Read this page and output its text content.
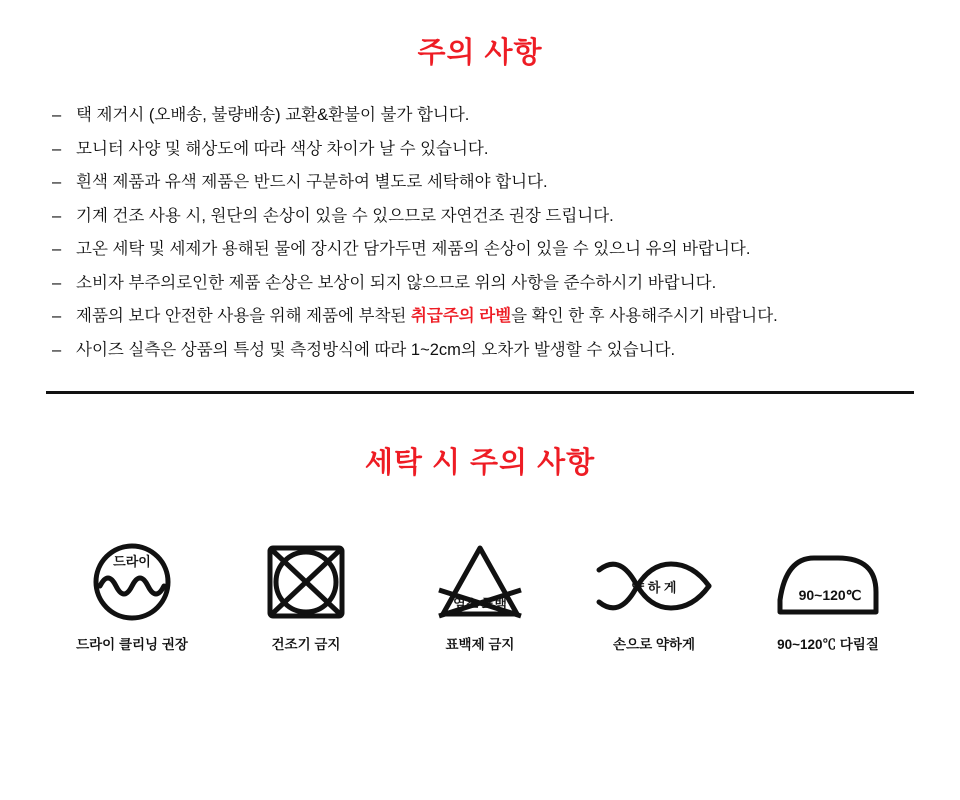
주의 사항
– 택 제거시 (오배송, 불량배송) 교환&환불이 불가 합니다.
– 모니터 사양 및 해상도에 따라 색상 차이가 날 수 있습니다.
– 흰색 제품과 유색 제품은 반드시 구분하여 별도로 세탁해야 합니다.
– 기계 건조 사용 시, 원단의 손상이 있을 수 있으므로 자연건조 권장 드립니다.
– 고온 세탁 및 세제가 용해된 물에 장시간 담가두면 제품의 손상이 있을 수 있으니 유의 바랍니다.
– 소비자 부주의로인한 제품 손상은 보상이 되지 않으므로 위의 사항을 준수하시기 바랍니다.
– 제품의 보다 안전한 사용을 위해 제품에 부착된 취급주의 라벨을 확인 한 후 사용해주시기 바랍니다.
– 사이즈 실측은 상품의 특성 및 측정방식에 따라 1~2cm의 오차가 발생할 수 있습니다.
세탁 시 주의 사항
드라이
드라이 클리닝 권장	건조기 금지
염소 표백
표백제 금지
약 하 게
손으로 약하게
90~120℃
90~120℃ 다림질
